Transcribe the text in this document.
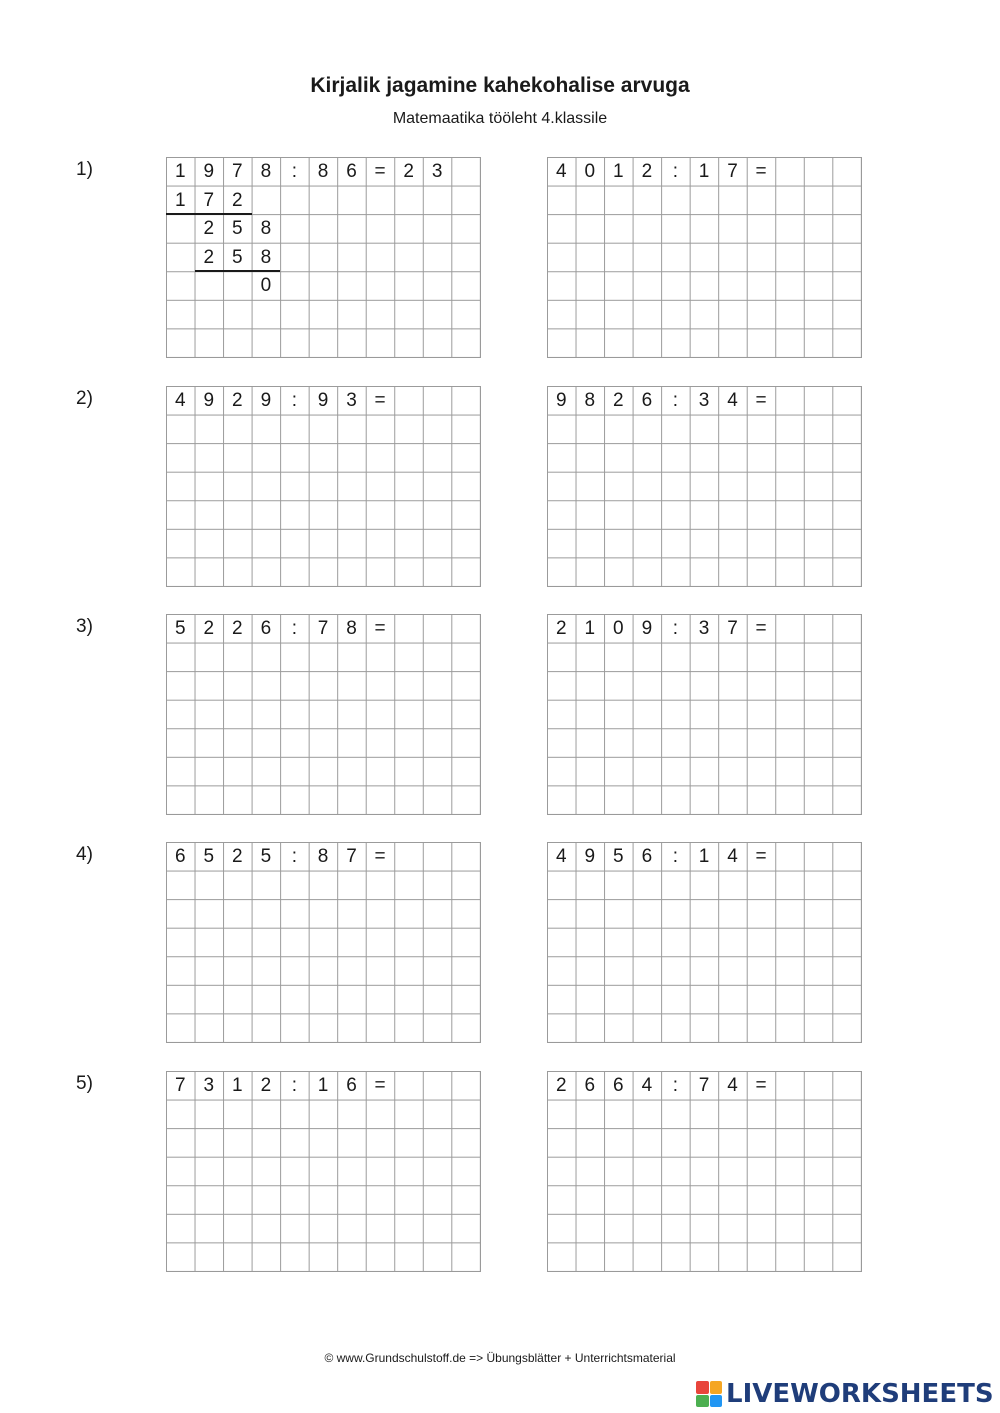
Kirjalik jagamine kahekohalise arvuga

Matemaatika tööleht 4.klassile

1)	1 9 7 8	:	8 6 = 2 3
1 7 2
2 5 8
2 5 8
0
4 0 1 2	:	1 7 =
2)	4 9 2 9	:	9 3 =	9 8 2 6	:	3 4 =
3)	5 2 2 6	:	7 8 =	2 1 0 9	:	3 7 =
4)	6 5 2 5	:	8 7 =	4 9 5 6	:	1 4 =
5)	7 3 1 2	:	1 6 =	2 6 6 4	:	7 4 =
© www.Grundschulstoff.de => Übungsblätter + Unterrichtsmaterial
LIVEWORKSHEETS
